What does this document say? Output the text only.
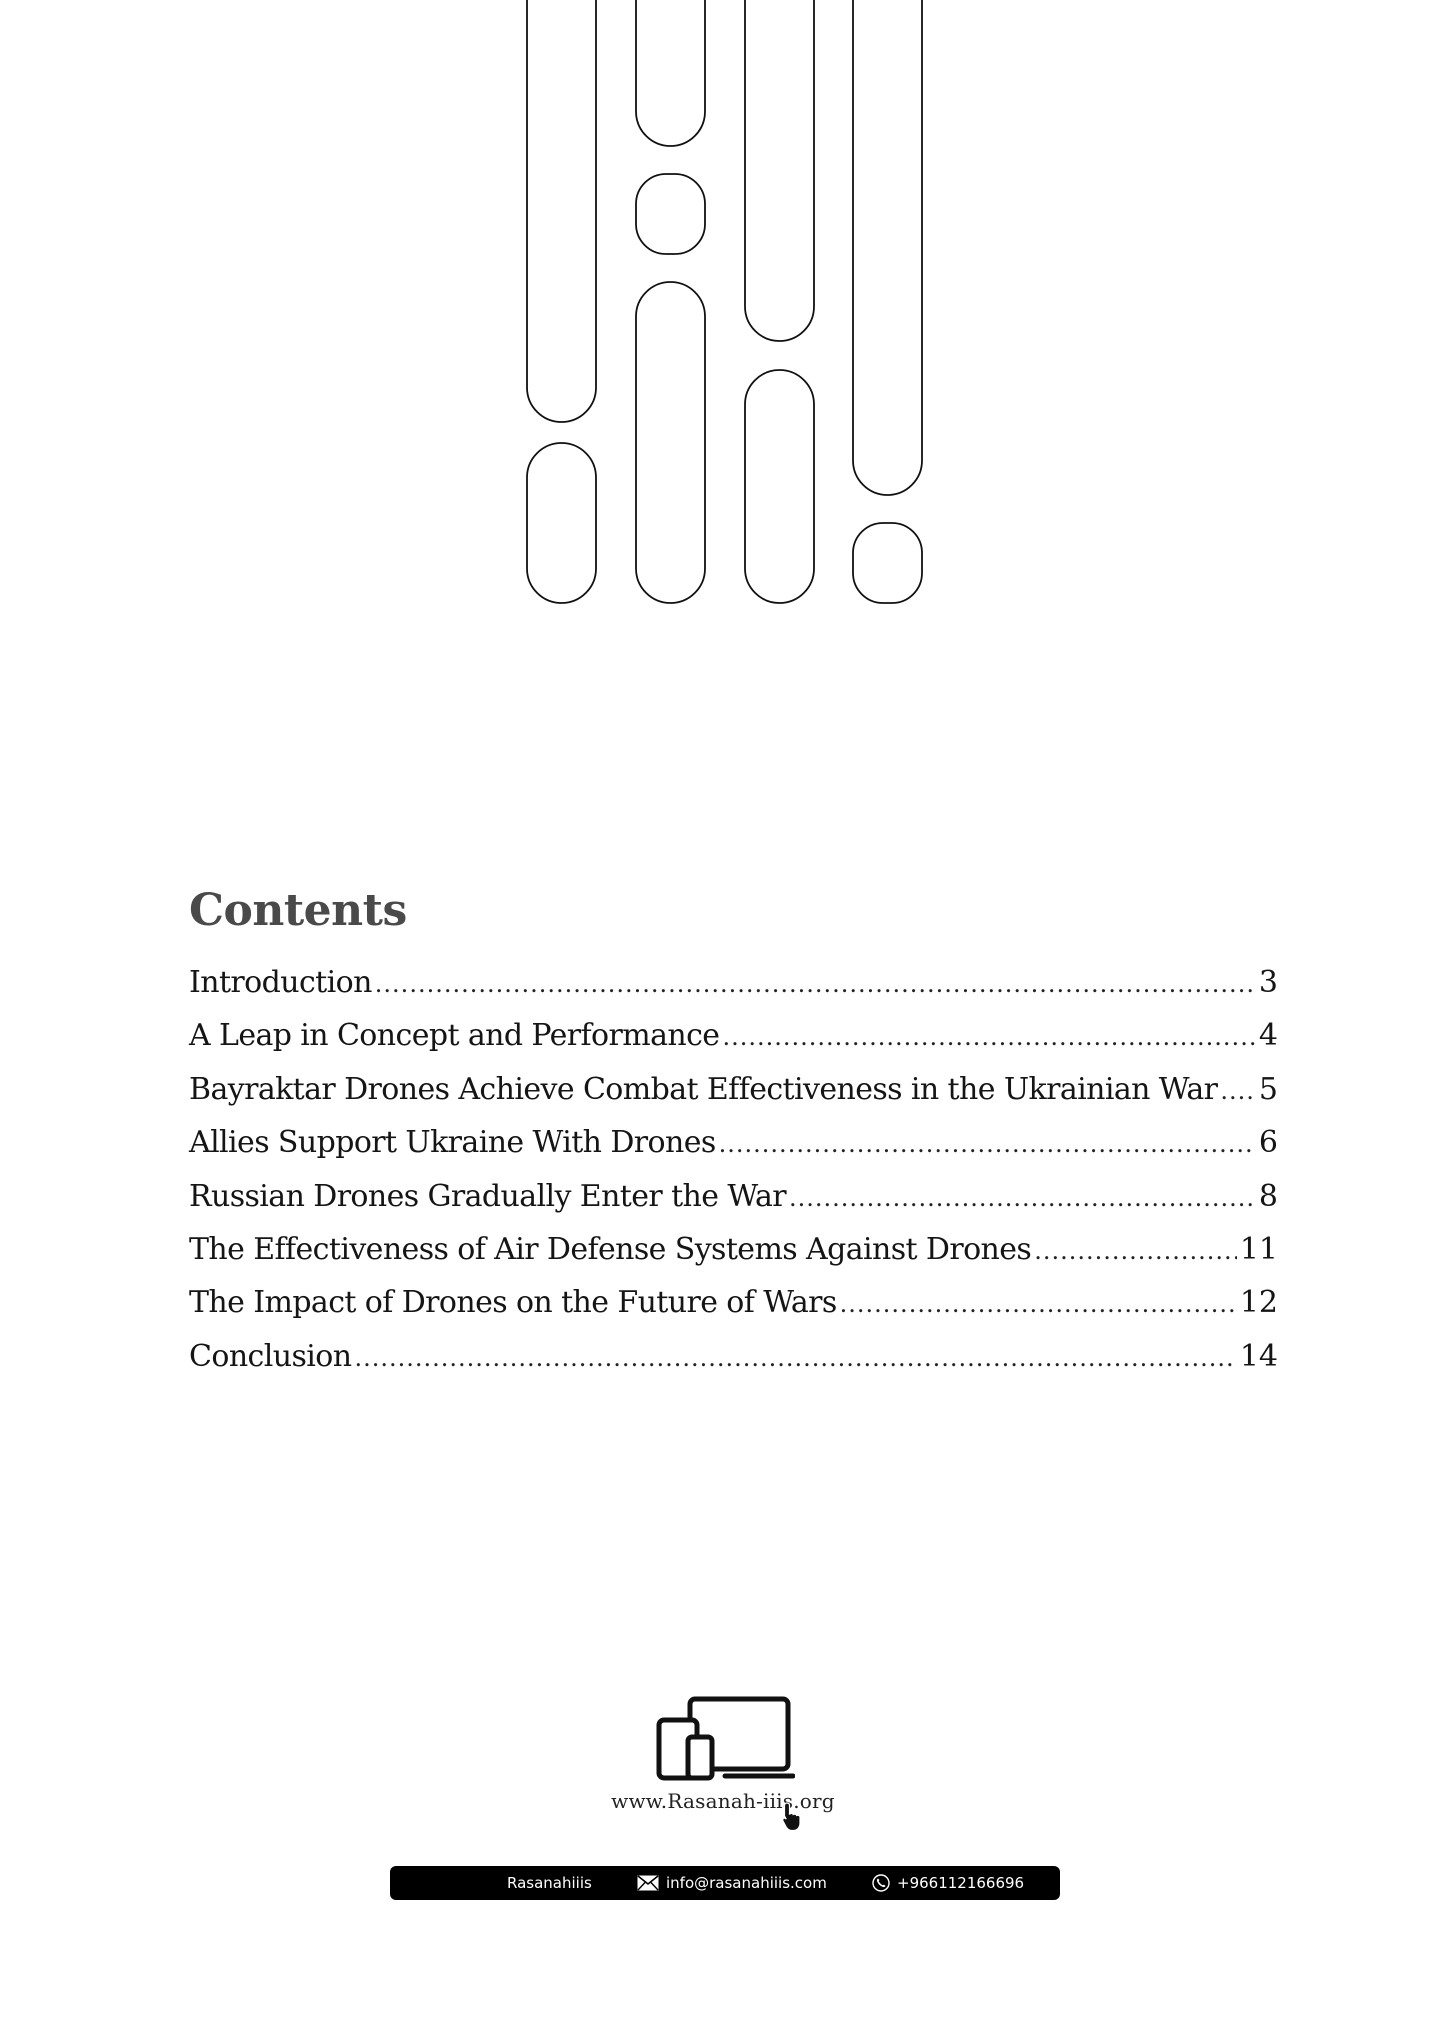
Contents
Introduction .....	3
A Leap in Concept and Performance .....	4
Bayraktar Drones Achieve Combat Effectiveness in the Ukrainian War ..... 5
Allies Support Ukraine With Drones .....	6
Russian Drones Gradually Enter the War .....	8
The Effectiveness of Air Defense Systems Against Drones .....	11
The Impact of Drones on the Future of Wars .....	12
Conclusion .....	14
www.Rasanah-iiis.org
Rasanahiiis	info@rasanahiiis.com	+966112166696
